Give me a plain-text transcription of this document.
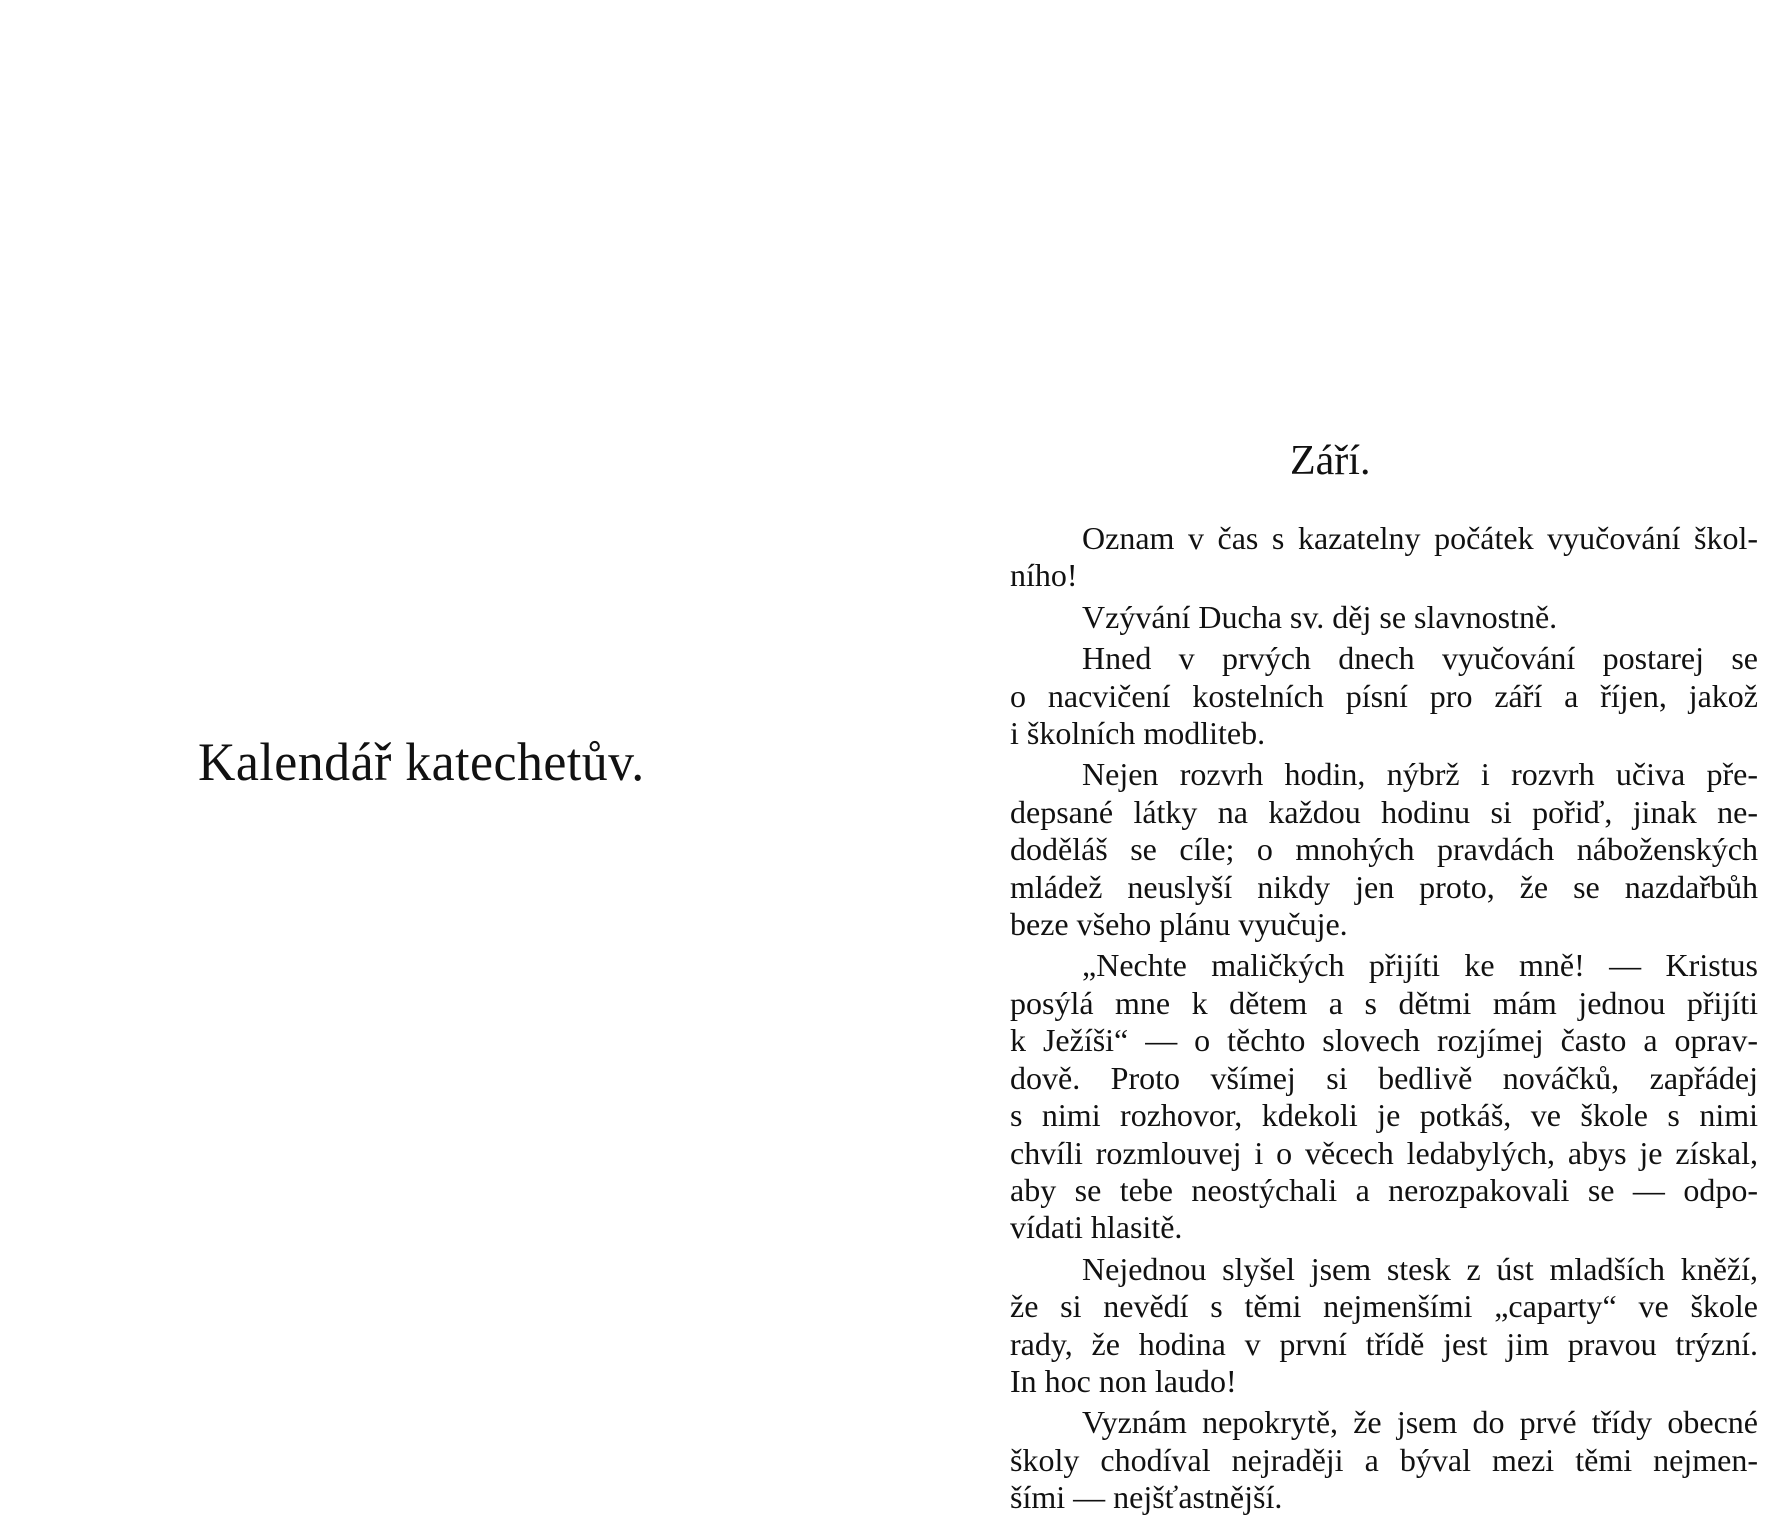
Kalendář katechetův.
Září.

Oznam v čas s kazatelny počátek vyučování škol-
ního!

Vzývání Ducha sv. děj se slavnostně.

Hned v prvých dnech vyučování postarej se
o nacvičení kostelních písní pro září a říjen, jakož
i školních modliteb.

Nejen rozvrh hodin, nýbrž i rozvrh učiva pře-
depsané látky na každou hodinu si pořiď, jinak ne-
doděláš se cíle; o mnohých pravdách náboženských
mládež neuslyší nikdy jen proto, že se nazdařbůh
beze všeho plánu vyučuje.

„Nechte maličkých přijíti ke mně! — Kristus
posýlá mne k dětem a s dětmi mám jednou přijíti
k Ježíši“ — o těchto slovech rozjímej často a oprav-
dově. Proto všímej si bedlivě nováčků, zapřádej
s nimi rozhovor, kdekoli je potkáš, ve škole s nimi
chvíli rozmlouvej i o věcech ledabylých, abys je získal,
aby se tebe neostýchali a nerozpakovali se — odpo-
vídati hlasitě.

Nejednou slyšel jsem stesk z úst mladších kněží,
že si nevědí s těmi nejmenšími „caparty“ ve škole
rady, že hodina v první třídě jest jim pravou trýzní.
In hoc non laudo!

Vyznám nepokrytě, že jsem do prvé třídy obecné
školy chodíval nejraději a býval mezi těmi nejmen-
šími — nejšťastnější.
